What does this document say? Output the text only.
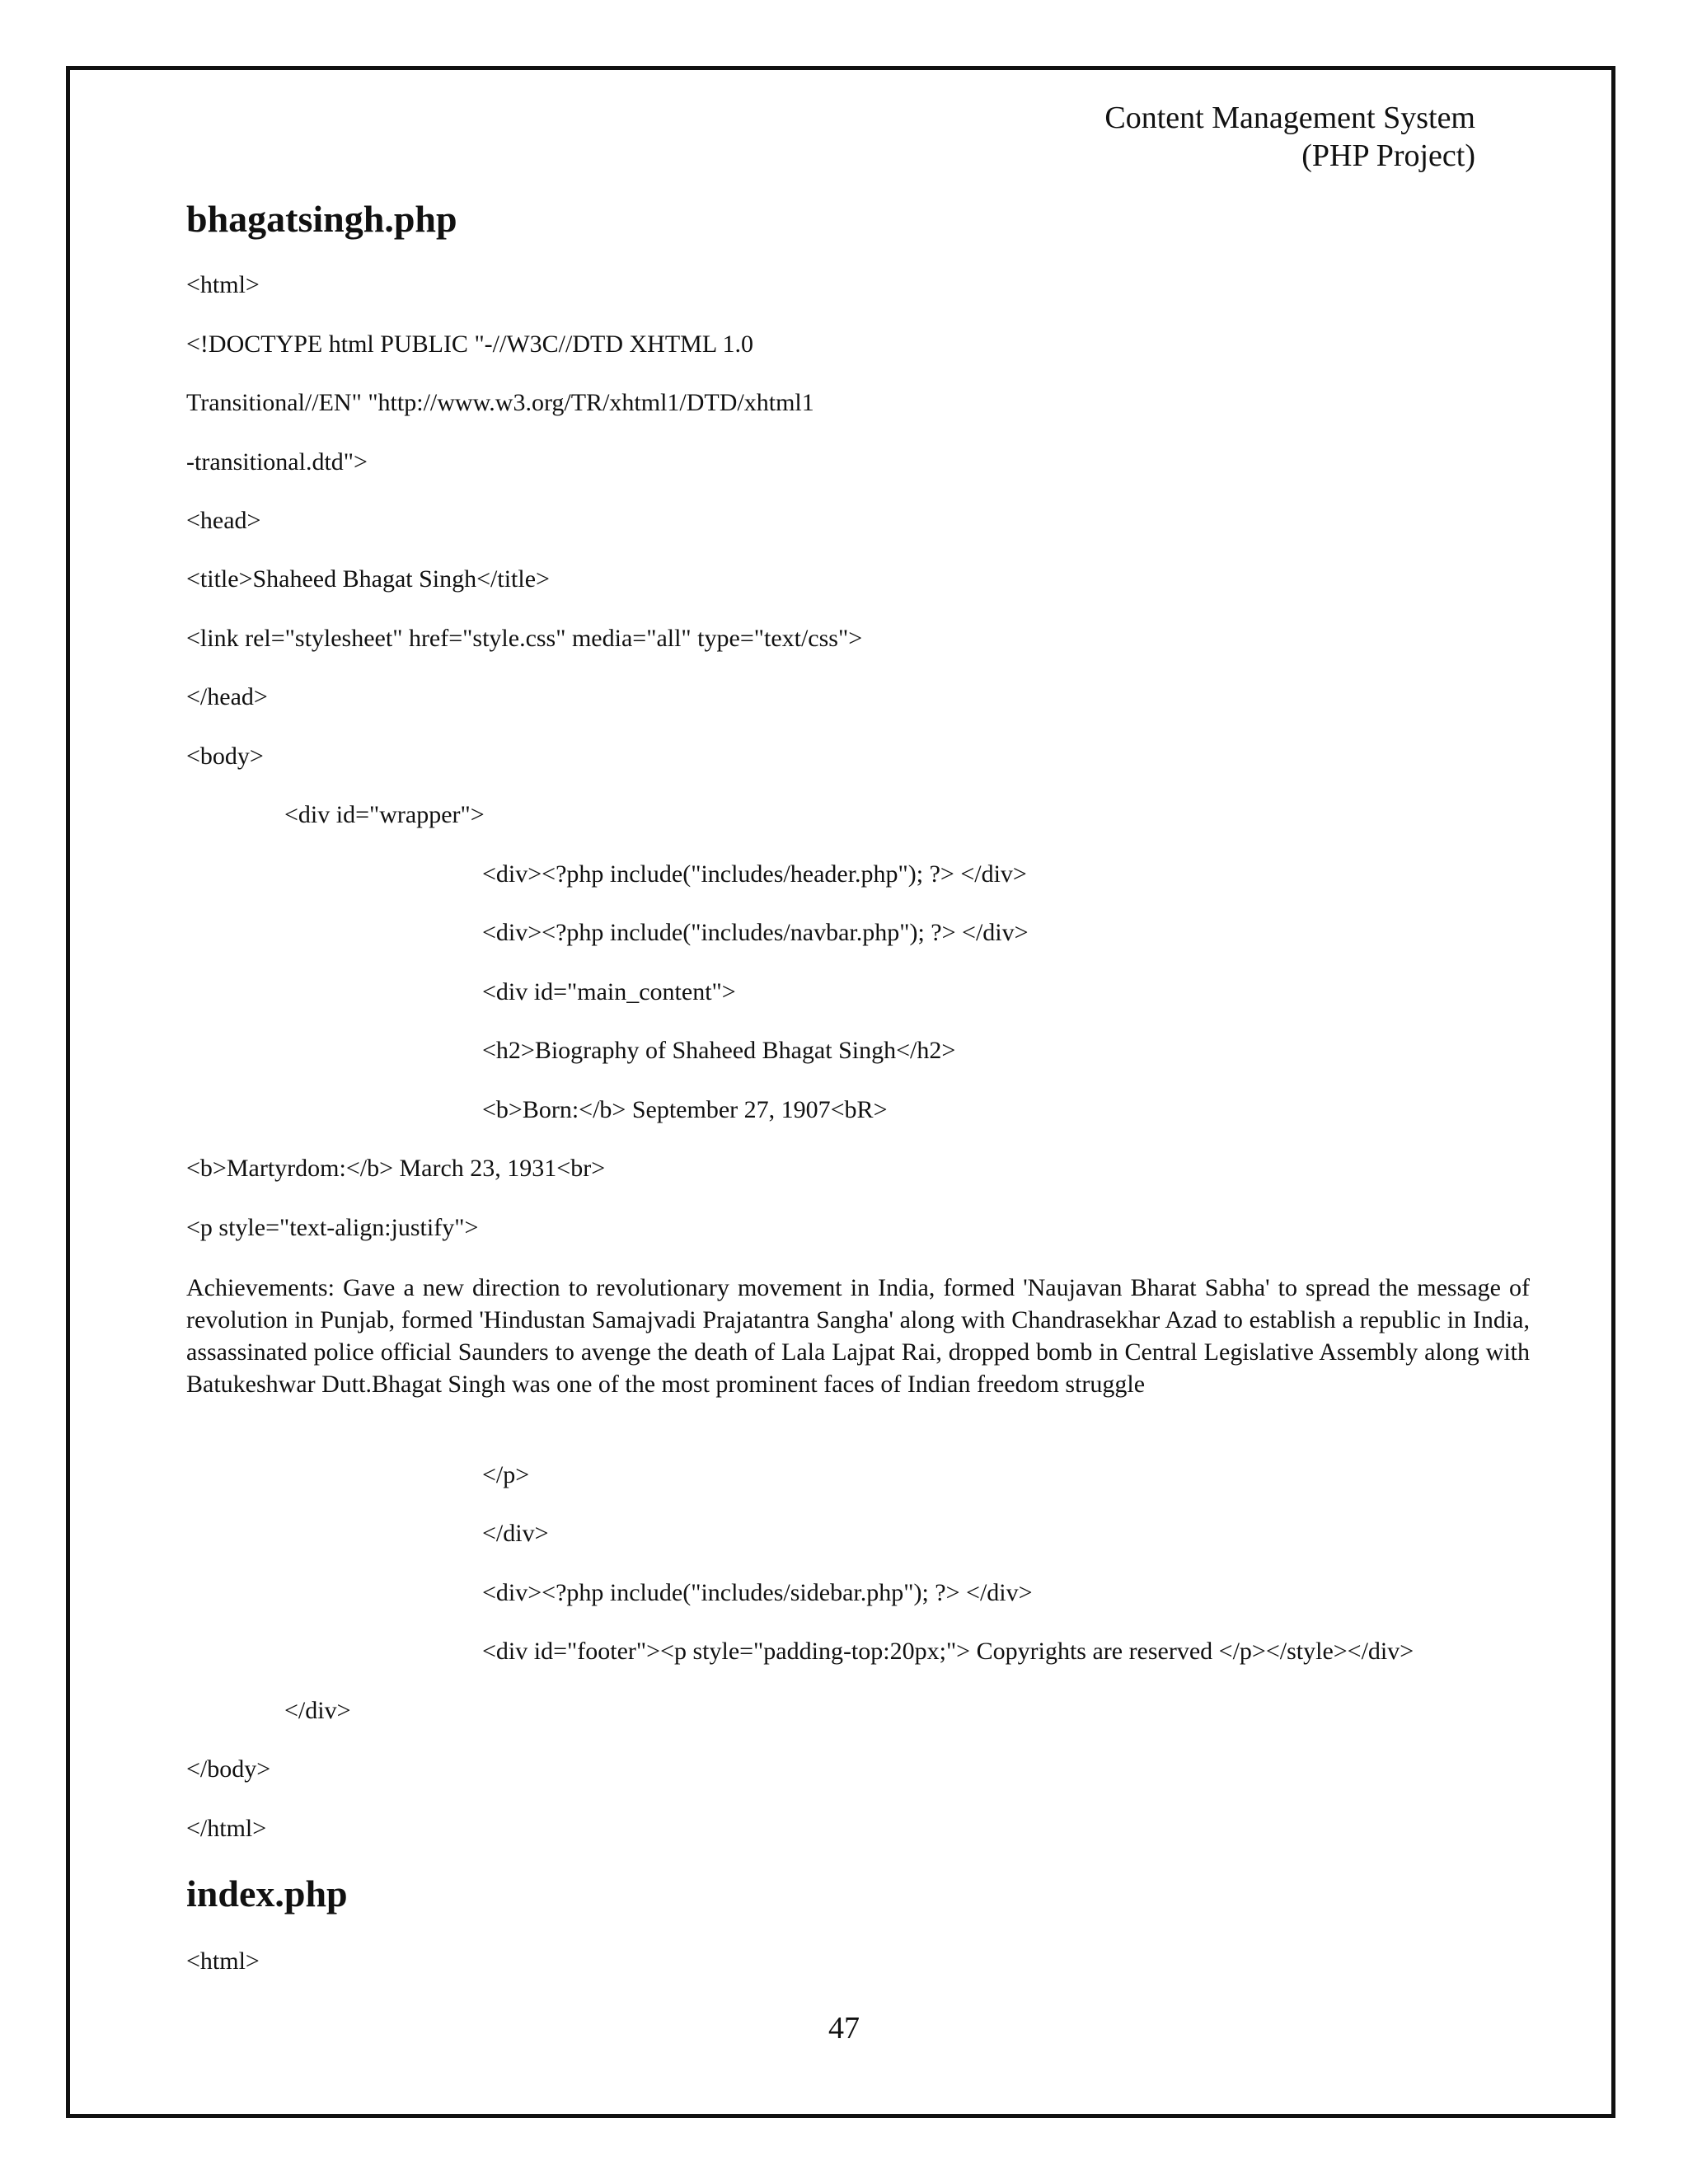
Content Management System
(PHP Project)
bhagatsingh.php
<html>
<!DOCTYPE html PUBLIC "-//W3C//DTD XHTML 1.0
Transitional//EN" "http://www.w3.org/TR/xhtml1/DTD/xhtml1
-transitional.dtd">
<head>
<title>Shaheed Bhagat Singh</title>
<link rel="stylesheet" href="style.css" media="all" type="text/css">
</head>
<body>
<div id="wrapper">
<div><?php include("includes/header.php"); ?> </div>
<div><?php include("includes/navbar.php"); ?> </div>
<div id="main_content">
<h2>Biography of Shaheed Bhagat Singh</h2>
<b>Born:</b> September 27, 1907<bR>
<b>Martyrdom:</b> March 23, 1931<br>
<p style="text-align:justify">

Achievements: Gave a new direction to revolutionary movement in India, formed 'Naujavan Bharat Sabha' to spread the message of revolution in Punjab, formed 'Hindustan Samajvadi Prajatantra Sangha' along with Chandrasekhar Azad to establish a republic in India, assassinated police official Saunders to avenge the death of Lala Lajpat Rai, dropped bomb in Central Legislative Assembly along with Batukeshwar Dutt.Bhagat Singh was one of the most prominent faces of Indian freedom struggle

</p>
</div>
<div><?php include("includes/sidebar.php"); ?> </div>
<div id="footer"><p style="padding-top:20px;"> Copyrights are reserved </p></style></div>
</div>
</body>
</html>
index.php
<html>
47
